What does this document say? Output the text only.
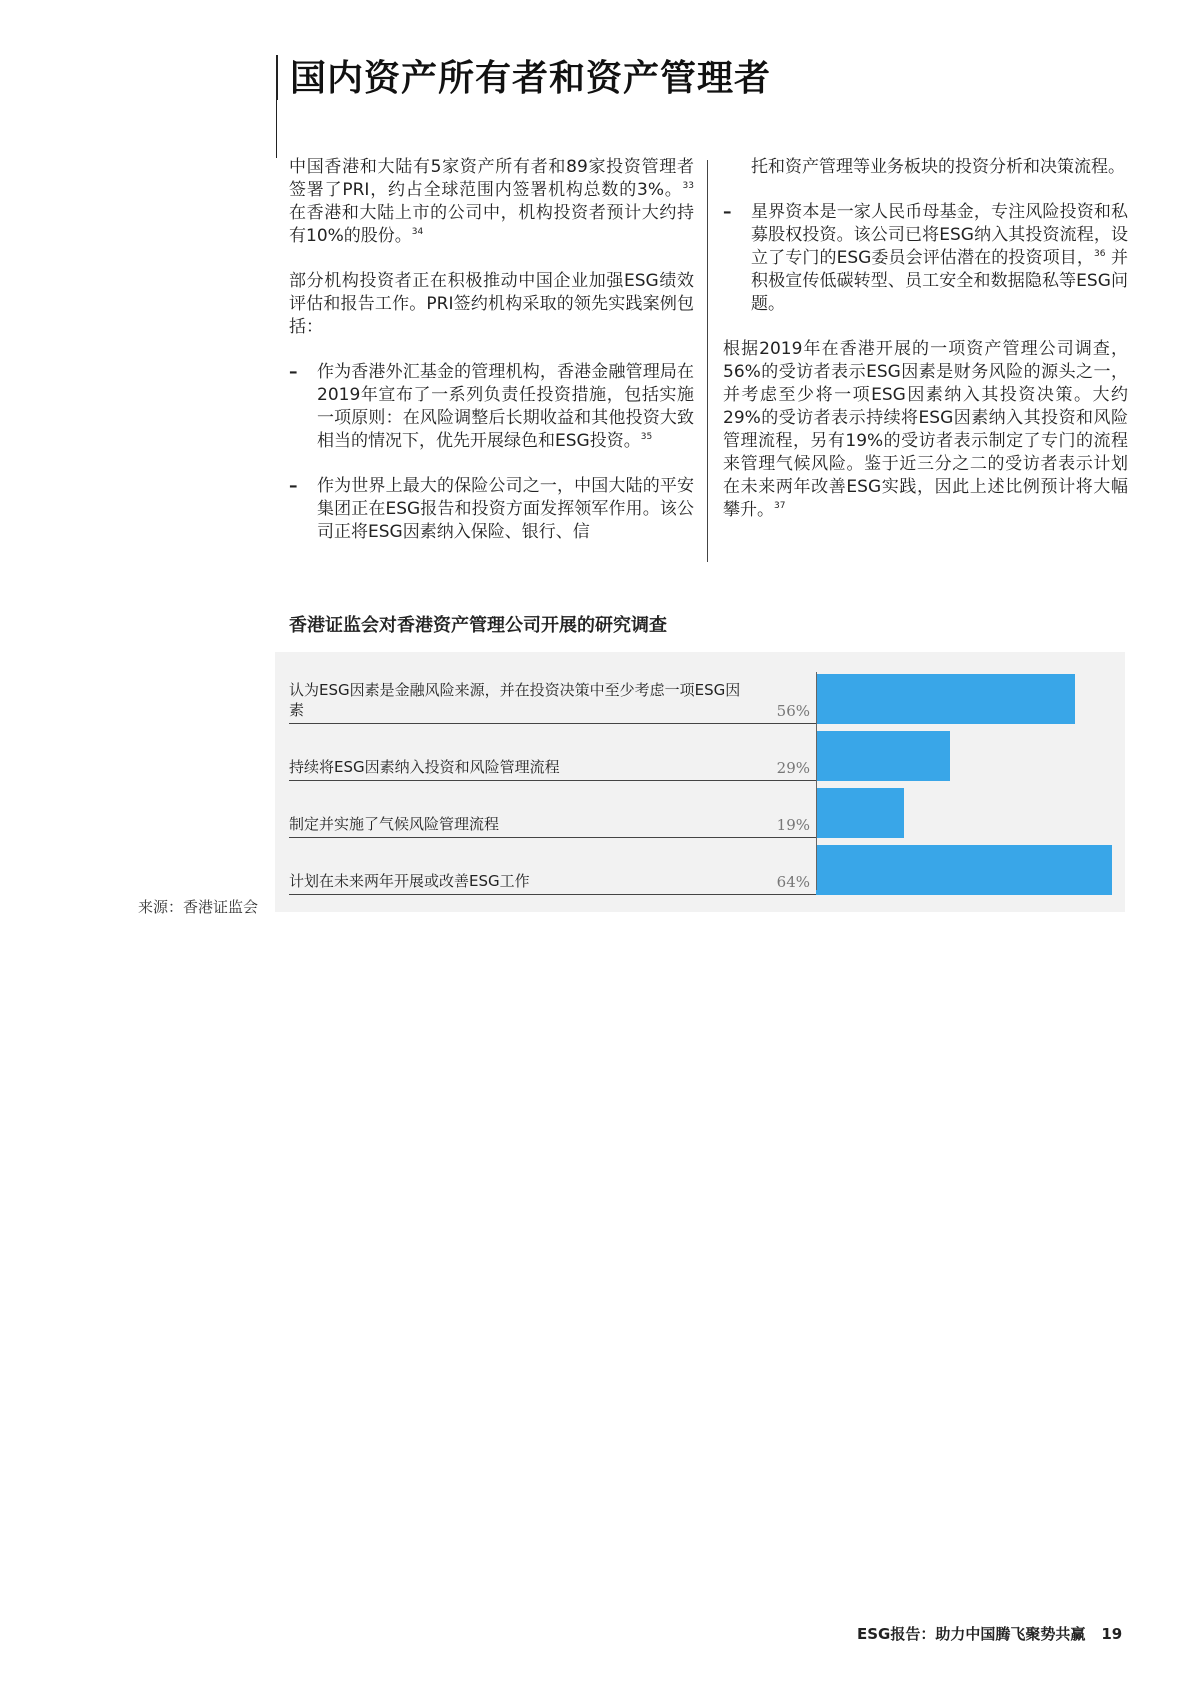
国内资产所有者和资产管理者

中国香港和大陆有5家资产所有者和89家投资管理者签署了PRI，约占全球范围内签署机构总数的3%。$^{33}$在香港和大陆上市的公司中，机构投资者预计大约持有10%的股份。$^{34}$

部分机构投资者正在积极推动中国企业加强ESG绩效评估和报告工作。PRI签约机构采取的领先实践案例包括：

– 作为香港外汇基金的管理机构，香港金融管理局在2019年宣布了一系列负责任投资措施，包括实施一项原则：在风险调整后长期收益和其他投资大致相当的情况下，优先开展绿色和ESG投资。$^{35}$
– 作为世界上最大的保险公司之一，中国大陆的平安集团正在ESG报告和投资方面发挥领军作用。该公司正将ESG因素纳入保险、银行、信
托和资产管理等业务板块的投资分析和决策流程。
– 星界资本是一家人民币母基金，专注风险投资和私募股权投资。该公司已将ESG纳入其投资流程，设立了专门的ESG委员会评估潜在的投资项目，$^{36}$ 并积极宣传低碳转型、员工安全和数据隐私等ESG问题。

根据2019年在香港开展的一项资产管理公司调查，56%的受访者表示ESG因素是财务风险的源头之一，并考虑至少将一项ESG因素纳入其投资决策。大约29%的受访者表示持续将ESG因素纳入其投资和风险管理流程，另有19%的受访者表示制定了专门的流程来管理气候风险。鉴于近三分之二的受访者表示计划在未来两年改善ESG实践，因此上述比例预计将大幅攀升。$^{37}$

香港证监会对香港资产管理公司开展的研究调查
认为ESG因素是金融风险来源，并在投资决策中至少考虑一项ESG因素	56%
持续将ESG因素纳入投资和风险管理流程	29%
制定并实施了气候风险管理流程	19%
计划在未来两年开展或改善ESG工作	64%

来源：香港证监会

ESG报告：助力中国腾飞聚势共赢 19
